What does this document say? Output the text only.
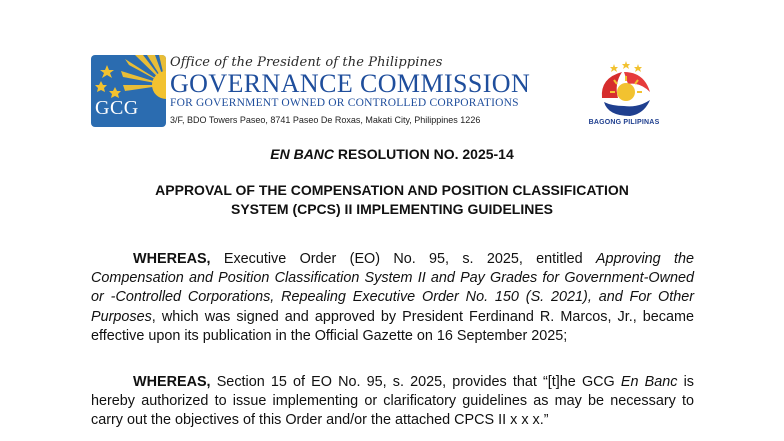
GCG
Office of the President of the Philippines
GOVERNANCE COMMISSION
FOR GOVERNMENT OWNED OR CONTROLLED CORPORATIONS
3/F, BDO Towers Paseo, 8741 Paseo De Roxas, Makati City, Philippines 1226	BAGONG PILIPINAS
EN BANC RESOLUTION NO. 2025-14
APPROVAL OF THE COMPENSATION AND POSITION CLASSIFICATION
SYSTEM (CPCS) II IMPLEMENTING GUIDELINES
WHEREAS, Executive Order (EO) No. 95, s. 2025, entitled Approving the Compensation and Position Classification System II and Pay Grades for Government-Owned or -Controlled Corporations, Repealing Executive Order No. 150 (S. 2021), and For Other Purposes, which was signed and approved by President Ferdinand R. Marcos, Jr., became effective upon its publication in the Official Gazette on 16 September 2025;
WHEREAS, Section 15 of EO No. 95, s. 2025, provides that “[t]he GCG En Banc is hereby authorized to issue implementing or clarificatory guidelines as may be necessary to carry out the objectives of this Order and/or the attached CPCS II x x x.”
